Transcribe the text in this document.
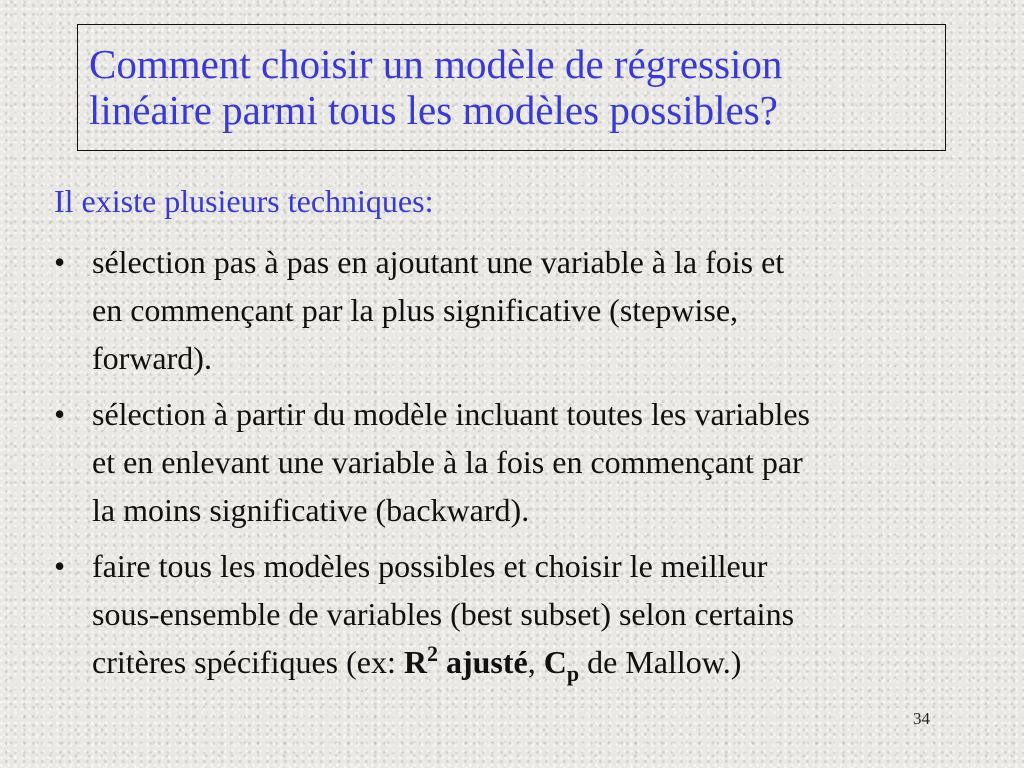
Comment choisir un modèle de régression
linéaire parmi tous les modèles possibles?
Il existe plusieurs techniques:
• sélection pas à pas en ajoutant une variable à la fois et
en commençant par la plus significative (stepwise,
forward).
• sélection à partir du modèle incluant toutes les variables
et en enlevant une variable à la fois en commençant par
la moins significative (backward).
• faire tous les modèles possibles et choisir le meilleur
sous-ensemble de variables (best subset) selon certains
critères spécifiques (ex: $R^2$ ajusté, $C_p$ de Mallow.)
34
